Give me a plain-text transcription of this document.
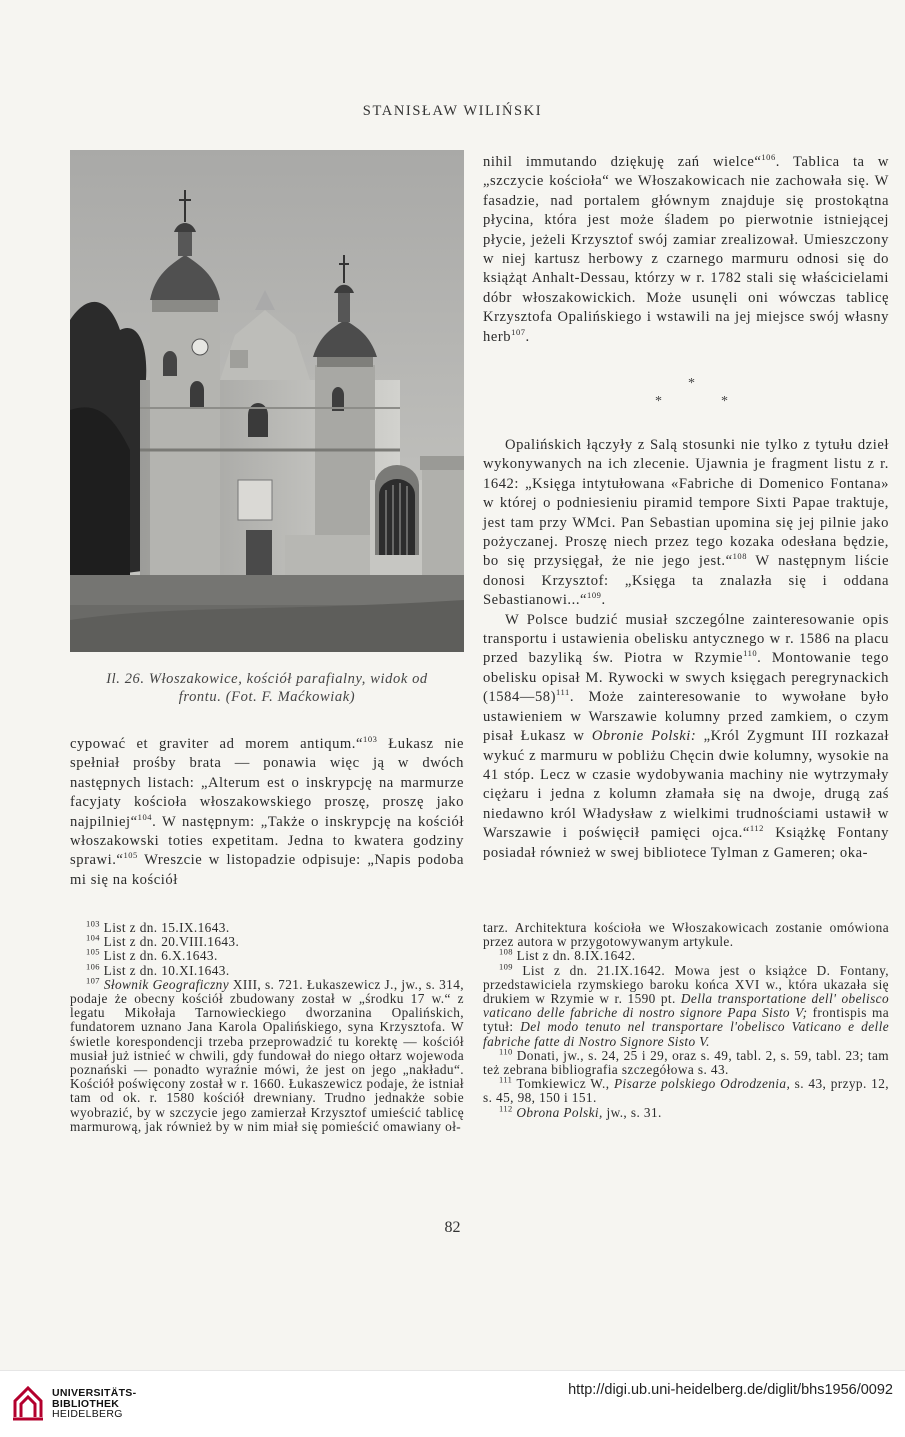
STANISŁAW WILIŃSKI
Il. 26. Włoszakowice, kościół parafialny, widok od
frontu. (Fot. F. Maćkowiak)

cypować et graviter ad morem antiqum.“$^{103}$ Łukasz nie spełniał prośby brata — ponawia więc ją w dwóch następnych listach: „Alterum est o inskrypcję na marmurze facyjaty kościoła włoszakowskiego proszę, proszę jako najpilniej“$^{104}$. W następnym: „Także o inskrypcję na kościół włoszakowski toties expetitam. Jedna to kwatera godziny sprawi.“$^{105}$ Wreszcie w listopadzie odpisuje: „Napis podoba mi się na kościół

$^{103}$ List z dn. 15.IX.1643.

$^{104}$ List z dn. 20.VIII.1643.

$^{105}$ List z dn. 6.X.1643.

$^{106}$ List z dn. 10.XI.1643.

$^{107}$ Słownik Geograficzny XIII, s. 721. Łukaszewicz J., jw., s. 314, podaje że obecny kościół zbudowany został w „środku 17 w.“ z legatu Mikołaja Tarnowieckiego dworzanina Opalińskich, fundatorem uznano Jana Karola Opalińskiego, syna Krzysztofa. W świetle korespondencji trzeba przeprowadzić tu korektę — kościół musiał już istnieć w chwili, gdy fundował do niego ołtarz wojewoda poznański — ponadto wyraźnie mówi, że jest on jego „nakładu“. Kościół poświęcony został w r. 1660. Łukaszewicz podaje, że istniał tam od ok. r. 1580 kościół drewniany. Trudno jednakże sobie wyobrazić, by w szczycie jego zamierzał Krzysztof umieścić tablicę marmurową, jak również by w nim miał się pomieścić omawiany oł-

nihil immutando dziękuję zań wielce“$^{106}$. Tablica ta w „szczycie kościoła“ we Włoszakowicach nie zachowała się. W fasadzie, nad portalem głównym znajduje się prostokątna płycina, która jest może śladem po pierwotnie istniejącej płycie, jeżeli Krzysztof swój zamiar zrealizował. Umieszczony w niej kartusz herbowy z czarnego marmuru odnosi się do książąt Anhalt-Dessau, którzy w r. 1782 stali się właścicielami dóbr włoszakowickich. Może usunęli oni wówczas tablicę Krzysztofa Opalińskiego i wstawili na jej miejsce swój własny herb$^{107}$.

*
*	*

Opalińskich łączyły z Salą stosunki nie tylko z tytułu dzieł wykonywanych na ich zlecenie. Ujawnia je fragment listu z r. 1642: „Księga intytułowana «Fabriche di Domenico Fontana» w której o podniesieniu piramid tempore Sixti Papae traktuje, jest tam przy WMci. Pan Sebastian upomina się jej pilnie jako pożyczanej. Proszę niech przez tego kozaka odesłana będzie, bo się przysięgał, że nie jego jest.“$^{108}$ W następnym liście donosi Krzysztof: „Księga ta znalazła się i oddana Sebastianowi...“$^{109}$.

W Polsce budzić musiał szczególne zainteresowanie opis transportu i ustawienia obelisku antycznego w r. 1586 na placu przed bazyliką św. Piotra w Rzymie$^{110}$. Montowanie tego obelisku opisał M. Rywocki w swych księgach peregrynackich (1584—58)$^{111}$. Może zainteresowanie to wywołane było ustawieniem w Warszawie kolumny przed zamkiem, o czym pisał Łukasz w Obronie Polski: „Król Zygmunt III rozkazał wykuć z marmuru w pobliżu Chęcin dwie kolumny, wysokie na 41 stóp. Lecz w czasie wydobywania machiny nie wytrzymały ciężaru i jedna z kolumn złamała się na dwoje, drugą zaś niedawno król Władysław z wielkimi trudnościami ustawił w Warszawie i poświęcił pamięci ojca.“$^{112}$ Książkę Fontany posiadał również w swej bibliotece Tylman z Gameren; oka-

tarz. Architektura kościoła we Włoszakowicach zostanie omówiona przez autora w przygotowywanym artykule.

$^{108}$ List z dn. 8.IX.1642.

$^{109}$ List z dn. 21.IX.1642. Mowa jest o książce D. Fontany, przedstawiciela rzymskiego baroku końca XVI w., która ukazała się drukiem w Rzymie w r. 1590 pt. Della transportatione dell' obelisco vaticano delle fabriche di nostro signore Papa Sisto V; frontispis ma tytuł: Del modo tenuto nel transportare l'obelisco Vaticano e delle fabriche fatte di Nostro Signore Sisto V.

$^{110}$ Donati, jw., s. 24, 25 i 29, oraz s. 49, tabl. 2, s. 59, tabl. 23; tam też zebrana bibliografia szczegółowa s. 43.

$^{111}$ Tomkiewicz W., Pisarze polskiego Odrodzenia, s. 43, przyp. 12, s. 45, 98, 150 i 151.

$^{112}$ Obrona Polski, jw., s. 31.

82
UNIVERSITÄTS-
BIBLIOTHEK
HEIDELBERG
http://digi.ub.uni-heidelberg.de/diglit/bhs1956/0092
